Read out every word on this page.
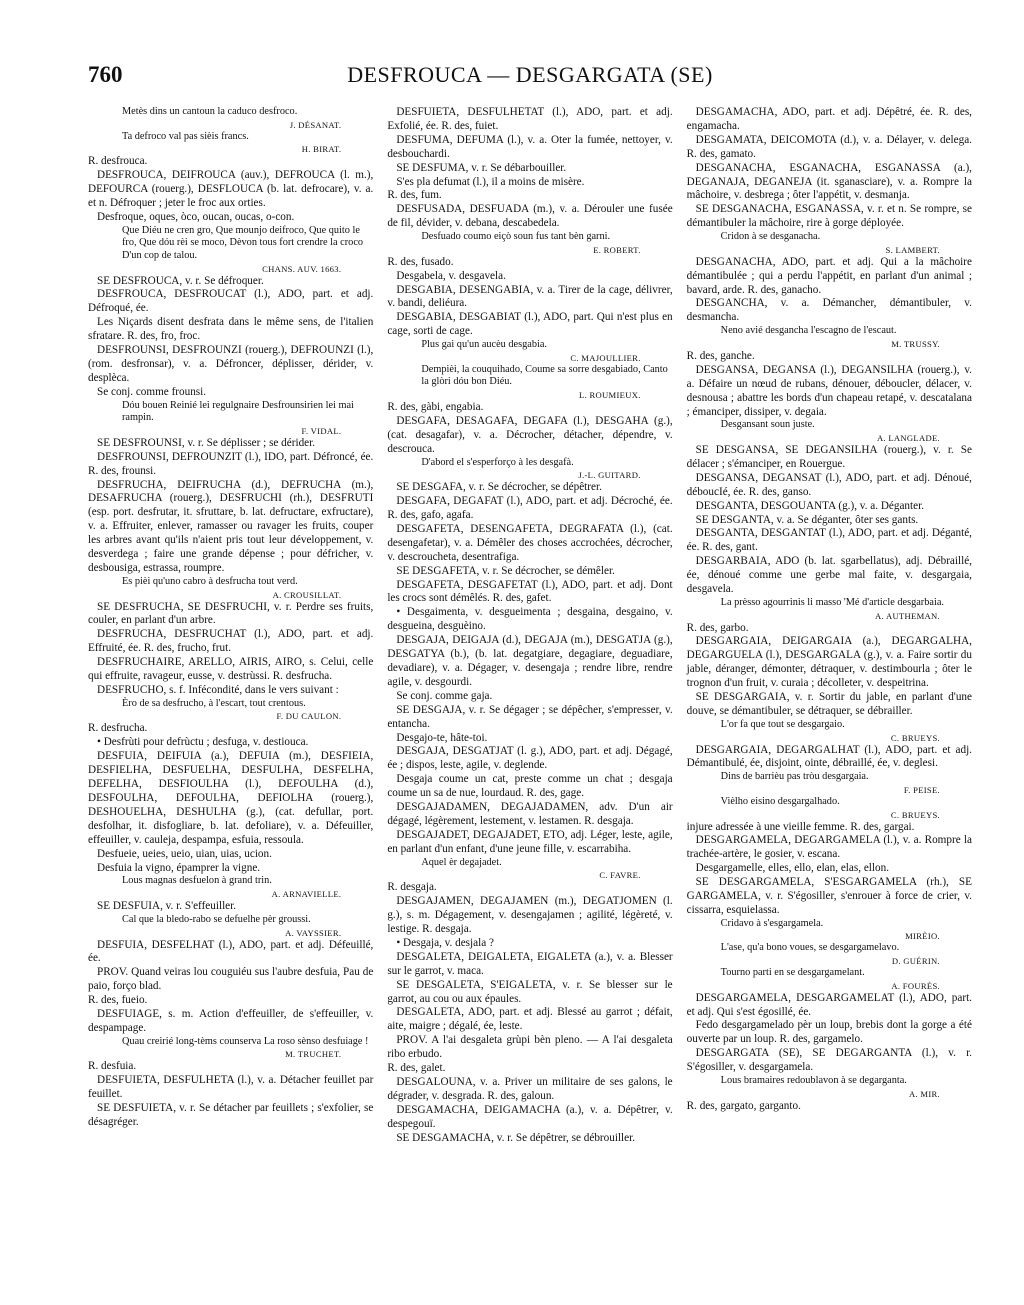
760	DESFROUCA — DESGARGATA (SE)

Metès dins un cantoun la caduco desfroco.

J. DÉSANAT.

Ta defroco val pas sièis francs.

H. BIRAT.

R. desfrouca.

DESFROUCA, DEIFROUCA (auv.), DEFROUCA (l. m.), DEFOURCA (rouerg.), DESFLOUCA (b. lat. defrocare), v. a. et n. Défroquer ; jeter le froc aux orties.

Desfroque, oques, òco, oucan, oucas, o-con.

Que Diéu ne cren gro, Que mounjo deifroco, Que quito le fro, Que dóu rèi se moco, Dèvon tous fort crendre la croco D'un cop de talou.

CHANS. AUV. 1663.

SE DESFROUCA, v. r. Se défroquer.

DESFROUCA, DESFROUCAT (l.), ADO, part. et adj. Défroqué, ée.

Les Niçards disent desfrata dans le même sens, de l'italien sfratare. R. des, fro, froc.

DESFROUNSI, DESFROUNZI (rouerg.), DEFROUNZI (l.), (rom. desfronsar), v. a. Défroncer, déplisser, dérider, v. desplèca.

Se conj. comme frounsi.

Dóu bouen Reinié lei regulgnaire Desfrounsirien lei mai rampin.

F. VIDAL.

SE DESFROUNSI, v. r. Se déplisser ; se dérider.

DESFROUNSI, DEFROUNZIT (l.), IDO, part. Défroncé, ée. R. des, frounsi.

DESFRUCHA, DEIFRUCHA (d.), DEFRUCHA (m.), DESAFRUCHA (rouerg.), DESFRUCHI (rh.), DESFRUTI (esp. port. desfrutar, it. sfruttare, b. lat. defructare, exfructare), v. a. Effruiter, enlever, ramasser ou ravager les fruits, couper les arbres avant qu'ils n'aient pris tout leur développement, v. desverdega ; faire une grande dépense ; pour défricher, v. desbousiga, estrassa, roumpre.

Es pièi qu'uno cabro à desfrucha tout verd.

A. CROUSILLAT.

SE DESFRUCHA, SE DESFRUCHI, v. r. Perdre ses fruits, couler, en parlant d'un arbre.

DESFRUCHA, DESFRUCHAT (l.), ADO, part. et adj. Effruité, ée. R. des, frucho, frut.

DESFRUCHAIRE, ARELLO, AIRIS, AIRO, s. Celui, celle qui effruite, ravageur, eusse, v. destrùssi. R. desfrucha.

DESFRUCHO, s. f. Infécondité, dans le vers suivant :

Èro de sa desfrucho, à l'escart, tout crentous.

F. DU CAULON.

R. desfrucha.

• Desfrùti pour defrùctu ; desfuga, v. destiouca.

DESFUIA, DEIFUIA (a.), DEFUIA (m.), DESFIEIA, DESFIELHA, DESFUELHA, DESFULHA, DESFELHA, DEFELHA, DESFIOULHA (l.), DEFOULHA (d.), DESFOULHA, DEFOULHA, DEFIOLHA (rouerg.), DESHOUELHA, DESHULHA (g.), (cat. defullar, port. desfolhar, it. disfogliare, b. lat. defoliare), v. a. Défeuiller, effeuiller, v. cauleja, despampa, esfuia, ressoula.

Desfueie, ueies, ueio, uian, uias, ucion.

Desfuia la vigno, épamprer la vigne.

Lous magnas desfuelon à grand trin.

A. ARNAVIELLE.

SE DESFUIA, v. r. S'effeuiller.

Cal que la bledo-rabo se defuelhe pèr groussi.

A. VAYSSIER.

DESFUIA, DESFELHAT (l.), ADO, part. et adj. Défeuillé, ée.

PROV. Quand veiras lou couguiéu sus l'aubre desfuia, Pau de paio, forço blad.

R. des, fueio.

DESFUIAGE, s. m. Action d'effeuiller, de s'effeuiller, v. despampage.

Quau creirié long-tèms counserva La roso sènso desfuiage !

M. TRUCHET.

R. desfuia.

DESFUIETA, DESFULHETA (l.), v. a. Détacher feuillet par feuillet.

SE DESFUIETA, v. r. Se détacher par feuillets ; s'exfolier, se désagréger.

DESFUIETA, DESFULHETAT (l.), ADO, part. et adj. Exfolié, ée. R. des, fuiet.

DESFUMA, DEFUMA (l.), v. a. Oter la fumée, nettoyer, v. desbouchardi.

SE DESFUMA, v. r. Se débarbouiller.

S'es pla defumat (l.), il a moins de misère.

R. des, fum.

DESFUSADA, DESFUADA (m.), v. a. Dérouler une fusée de fil, dévider, v. debana, descabedela.

Desfuado coumo eiçò soun fus tant bèn garni.

E. ROBERT.

R. des, fusado.

Desgabela, v. desgavela.

DESGABIA, DESENGABIA, v. a. Tirer de la cage, délivrer, v. bandi, deliéura.

DESGABIA, DESGABIAT (l.), ADO, part. Qui n'est plus en cage, sorti de cage.

Plus gai qu'un aucèu desgabia.

C. MAJOULLIER.

Dempièi, la couquihado, Coume sa sorre desgabiado, Canto la glòri dóu bon Diéu.

L. ROUMIEUX.

R. des, gàbi, engabia.

DESGAFA, DESAGAFA, DEGAFA (l.), DESGAHA (g.), (cat. desagafar), v. a. Décrocher, détacher, dépendre, v. descrouca.

D'abord el s'esperforço à les desgafà.

J.-L. GUITARD.

SE DESGAFA, v. r. Se décrocher, se dépêtrer.

DESGAFA, DEGAFAT (l.), ADO, part. et adj. Décroché, ée. R. des, gafo, agafa.

DESGAFETA, DESENGAFETA, DEGRAFATA (l.), (cat. desengafetar), v. a. Démêler des choses accrochées, décrocher, v. descroucheta, desentrafiga.

SE DESGAFETA, v. r. Se décrocher, se démêler.

DESGAFETA, DESGAFETAT (l.), ADO, part. et adj. Dont les crocs sont démêlés. R. des, gafet.

• Desgaimenta, v. desgueimenta ; desgaina, desgaino, v. desgueina, desguèino.

DESGAJA, DEIGAJA (d.), DEGAJA (m.), DESGATJA (g.), DESGATYA (b.), (b. lat. degatgiare, degagiare, deguadiare, devadiare), v. a. Dégager, v. desengaja ; rendre libre, rendre agile, v. desgourdi.

Se conj. comme gaja.

SE DESGAJA, v. r. Se dégager ; se dépêcher, s'empresser, v. entancha.

Desgajo-te, hâte-toi.

DESGAJA, DESGATJAT (l. g.), ADO, part. et adj. Dégagé, ée ; dispos, leste, agile, v. deglende.

Desgaja coume un cat, preste comme un chat ; desgaja coume un sa de nue, lourdaud. R. des, gage.

DESGAJADAMEN, DEGAJADAMEN, adv. D'un air dégagé, légèrement, lestement, v. lestamen. R. desgaja.

DESGAJADET, DEGAJADET, ETO, adj. Léger, leste, agile, en parlant d'un enfant, d'une jeune fille, v. escarrabiha.

Aquel èr degajadet.

C. FAVRE.

R. desgaja.

DESGAJAMEN, DEGAJAMEN (m.), DEGATJOMEN (l. g.), s. m. Dégagement, v. desengajamen ; agilité, légèreté, v. lestige. R. desgaja.

• Desgaja, v. desjala ?

DESGALETA, DEIGALETA, EIGALETA (a.), v. a. Blesser sur le garrot, v. maca.

SE DESGALETA, S'EIGALETA, v. r. Se blesser sur le garrot, au cou ou aux épaules.

DESGALETA, ADO, part. et adj. Blessé au garrot ; défait, aite, maigre ; dégalé, ée, leste.

PROV. A l'ai desgaleta grùpi bèn pleno. — A l'ai desgaleta ribo erbudo.

R. des, galet.

DESGALOUNA, v. a. Priver un militaire de ses galons, le dégrader, v. desgrada. R. des, galoun.

DESGAMACHA, DEIGAMACHA (a.), v. a. Dépêtrer, v. despegouï.

SE DESGAMACHA, v. r. Se dépêtrer, se débrouiller.

DESGAMACHA, ADO, part. et adj. Dépêtré, ée. R. des, engamacha.

DESGAMATA, DEICOMOTA (d.), v. a. Délayer, v. delega. R. des, gamato.

DESGANACHA, ESGANACHA, ESGANASSA (a.), DEGANAJA, DEGANEJA (it. sganasciare), v. a. Rompre la mâchoire, v. desbrega ; ôter l'appétit, v. desmanja.

SE DESGANACHA, ESGANASSA, v. r. et n. Se rompre, se démantibuler la mâchoire, rire à gorge déployée.

Cridon à se desganacha.

S. LAMBERT.

DESGANACHA, ADO, part. et adj. Qui a la mâchoire démantibulée ; qui a perdu l'appétit, en parlant d'un animal ; bavard, arde. R. des, ganacho.

DESGANCHA, v. a. Démancher, démantibuler, v. desmancha.

Neno avié desgancha l'escagno de l'escaut.

M. TRUSSY.

R. des, ganche.

DESGANSA, DEGANSA (l.), DEGANSILHA (rouerg.), v. a. Défaire un nœud de rubans, dénouer, déboucler, délacer, v. desnousa ; abattre les bords d'un chapeau retapé, v. descatalana ; émanciper, dissiper, v. degaia.

Desgansant soun juste.

A. LANGLADE.

SE DESGANSA, SE DEGANSILHA (rouerg.), v. r. Se délacer ; s'émanciper, en Rouergue.

DESGANSA, DEGANSAT (l.), ADO, part. et adj. Dénoué, déboucIé, ée. R. des, ganso.

DESGANTA, DESGOUANTA (g.), v. a. Déganter.

SE DESGANTA, v. a. Se déganter, ôter ses gants.

DESGANTA, DESGANTAT (l.), ADO, part. et adj. Déganté, ée. R. des, gant.

DESGARBAIA, ADO (b. lat. sgarbellatus), adj. Débraillé, ée, dénoué comme une gerbe mal faite, v. desgargaia, desgavela.

La prèsso agourrinis li masso 'Mé d'article desgarbaia.

A. AUTHEMAN.

R. des, garbo.

DESGARGAIA, DEIGARGAIA (a.), DEGARGALHA, DEGARGUELA (l.), DESGARGALA (g.), v. a. Faire sortir du jable, déranger, démonter, détraquer, v. destimbourla ; ôter le trognon d'un fruit, v. curaia ; décolleter, v. despeitrina.

SE DESGARGAIA, v. r. Sortir du jable, en parlant d'une douve, se démantibuler, se détraquer, se débrailler.

L'or fa que tout se desgargaio.

C. BRUEYS.

DESGARGAIA, DEGARGALHAT (l.), ADO, part. et adj. Démantibulé, ée, disjoint, ointe, débraillé, ée, v. deglesi.

Dins de barrièu pas tròu desgargaia.

F. PEISE.

Vièlho eisino desgargalhado.

C. BRUEYS.

injure adressée à une vieille femme. R. des, gargai.

DESGARGAMELA, DEGARGAMELA (l.), v. a. Rompre la trachée-artère, le gosier, v. escana.

Desgargamelle, elles, ello, elan, elas, ellon.

SE DESGARGAMELA, S'ESGARGAMELA (rh.), SE GARGAMELA, v. r. S'égosiller, s'enrouer à force de crier, v. cissarra, esquielassa.

Cridavo à s'esgargamela.

MIRÈIO.

L'ase, qu'a bono voues, se desgargamelavo.

D. GUÉRIN.

Tourno parti en se desgargamelant.

A. FOURÈS.

DESGARGAMELA, DESGARGAMELAT (l.), ADO, part. et adj. Qui s'est égosillé, ée.

Fedo desgargamelado pèr un loup, brebis dont la gorge a été ouverte par un loup. R. des, gargamelo.

DESGARGATA (SE), SE DEGARGANTA (l.), v. r. S'égosiller, v. desgargamela.

Lous bramaires redoublavon à se degarganta.

A. MIR.

R. des, gargato, garganto.
